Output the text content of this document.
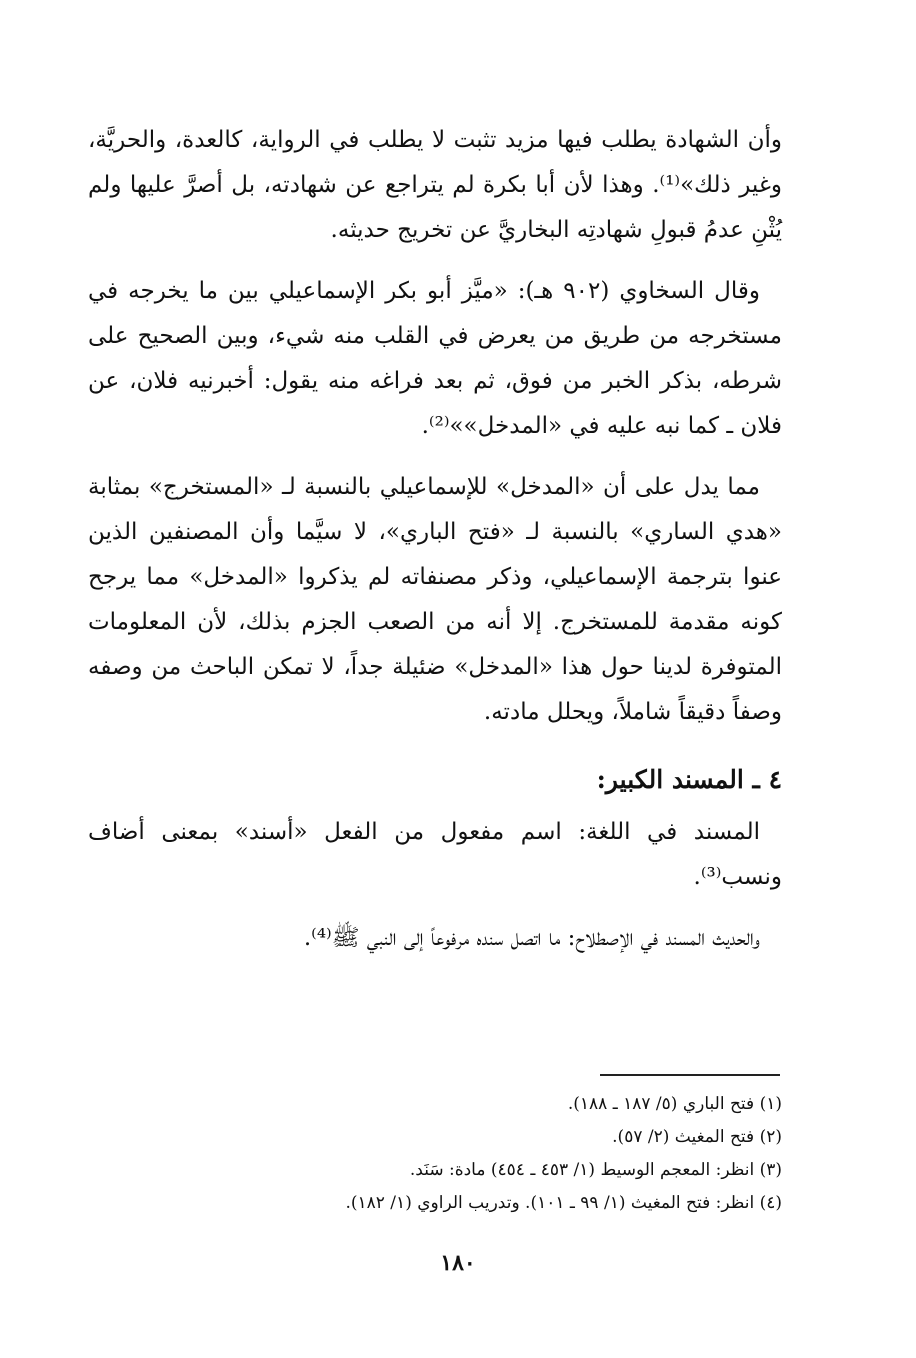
وأن الشهادة يطلب فيها مزيد تثبت لا يطلب في الرواية، كالعدة، والحريَّة، وغير ذلك»⁽¹⁾. وهذا لأن أبا بكرة لم يتراجع عن شهادته، بل أصرَّ عليها ولم يُثْنِ عدمُ قبولِ شهادتِه البخاريَّ عن تخريج حديثه.

وقال السخاوي (٩٠٢ هـ): «ميَّز أبو بكر الإسماعيلي بين ما يخرجه في مستخرجه من طريق من يعرض في القلب منه شيء، وبين الصحيح على شرطه، بذكر الخبر من فوق، ثم بعد فراغه منه يقول: أخبرنيه فلان، عن فلان ـ كما نبه عليه في «المدخل»»⁽²⁾.

مما يدل على أن «المدخل» للإسماعيلي بالنسبة لـ «المستخرج» بمثابة «هدي الساري» بالنسبة لـ «فتح الباري»، لا سيَّما وأن المصنفين الذين عنوا بترجمة الإسماعيلي، وذكر مصنفاته لم يذكروا «المدخل» مما يرجح كونه مقدمة للمستخرج. إلا أنه من الصعب الجزم بذلك، لأن المعلومات المتوفرة لدينا حول هذا «المدخل» ضئيلة جداً، لا تمكن الباحث من وصفه وصفاً دقيقاً شاملاً، ويحلل مادته.

٤ ـ المسند الكبير:

المسند في اللغة: اسم مفعول من الفعل «أسند» بمعنى أضاف ونسب⁽³⁾.

والحديث المسند في الإصطلاح: ما اتصل سنده مرفوعاً إلى النبي ﷺ⁽⁴⁾.

(١) فتح الباري (٥/ ١٨٧ ـ ١٨٨).

(٢) فتح المغيث (٢/ ٥٧).

(٣) انظر: المعجم الوسيط (١/ ٤٥٣ ـ ٤٥٤) مادة: سَنَد.

(٤) انظر: فتح المغيث (١/ ٩٩ ـ ١٠١). وتدريب الراوي (١/ ١٨٢).

١٨٠
